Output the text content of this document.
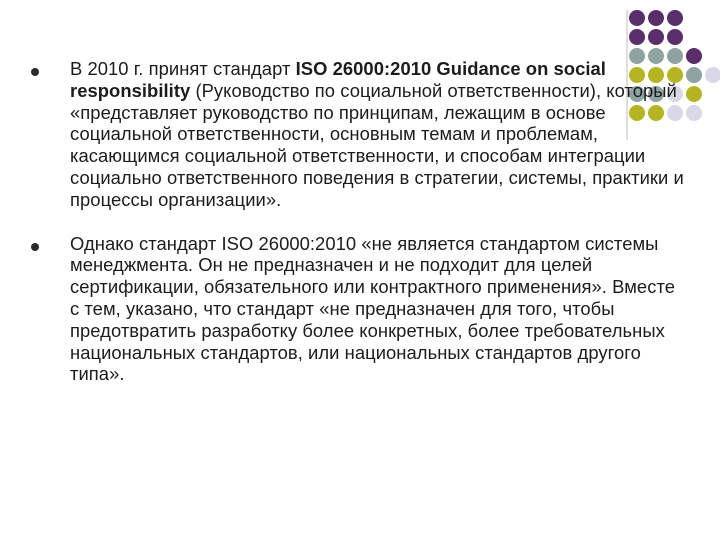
В 2010 г. принят стандарт ISO 26000:2010 Guidance on social responsibility (Руководство по социальной ответственности), который «представляет руководство по принципам, лежащим в основе социальной ответственности, основным темам и проблемам, касающимся социальной ответственности, и способам интеграции социально ответственного поведения в стратегии, системы, практики и процессы организации».
Однако стандарт ISO 26000:2010 «не является стандартом системы менеджмента. Он не предназначен и не подходит для целей сертификации, обязательного или контрактного применения». Вместе с тем, указано, что стандарт «не предназначен для того, чтобы предотвратить разработку более конкретных, более требовательных национальных стандартов, или национальных стандартов другого типа».
